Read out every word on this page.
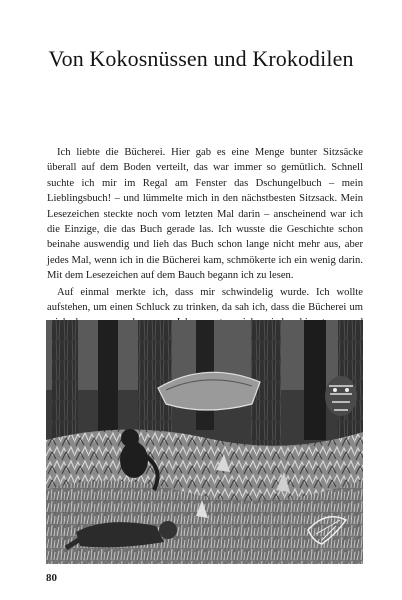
Von Kokosnüssen und Krokodilen

Ich liebte die Bücherei. Hier gab es eine Menge bunter Sitzsäcke überall auf dem Boden verteilt, das war immer so gemütlich. Schnell suchte ich mir im Regal am Fenster das Dschungelbuch – mein Lieblingsbuch! – und lümmelte mich in den nächstbesten Sitzsack. Mein Lesezeichen steckte noch vom letzten Mal darin – anscheinend war ich die Einzige, die das Buch gerade las. Ich wusste die Geschichte schon beinahe auswendig und lieh das Buch schon lange nicht mehr aus, aber jedes Mal, wenn ich in die Bücherei kam, schmökerte ich ein wenig darin. Mit dem Lesezeichen auf dem Bauch begann ich zu lesen.

Auf einmal merkte ich, dass mir schwindelig wurde. Ich wollte aufstehen, um einen Schluck zu trinken, da sah ich, dass die Bücherei um

80
